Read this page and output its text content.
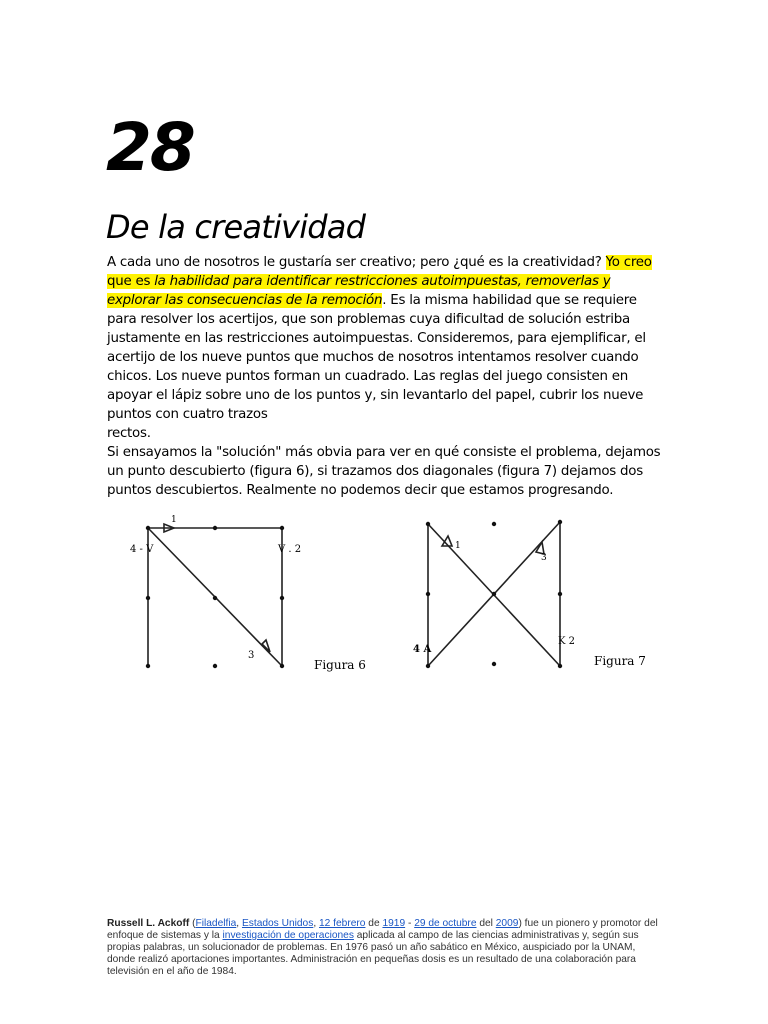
28
De la creatividad

A cada uno de nosotros le gustaría ser creativo; pero ¿qué es la creatividad? Yo creo que es la habilidad para identificar restricciones autoimpuestas, removerlas y explorar las consecuencias de la remoción. Es la misma habilidad que se requiere para resolver los acertijos, que son problemas cuya dificultad de solución estriba justamente en las restricciones autoimpuestas. Consideremos, para ejemplificar, el acertijo de los nueve puntos que muchos de nosotros intentamos resolver cuando chicos. Los nueve puntos forman un cuadrado. Las reglas del juego consisten en apoyar el lápiz sobre uno de los puntos y, sin levantarlo del papel, cubrir los nueve puntos con cuatro trazos
rectos.

Si ensayamos la "solución" más obvia para ver en qué consiste el problema, dejamos un punto descubierto (figura 6), si trazamos dos diagonales (figura 7) dejamos dos puntos descubiertos. Realmente no podemos decir que estamos progresando.

1
V . 2
3
4 - V
Figura 6
1
K 2
3
4 A
Figura 7

Russell L. Ackoff (Filadelfia, Estados Unidos, 12 febrero de 1919 - 29 de octubre del 2009) fue un pionero y promotor del enfoque de sistemas y la investigación de operaciones aplicada al campo de las ciencias administrativas y, según sus propias palabras, un solucionador de problemas. En 1976 pasó un año sabático en México, auspiciado por la UNAM, donde realizó aportaciones importantes. Administración en pequeñas dosis es un resultado de una colaboración para televisión en el año de 1984.
